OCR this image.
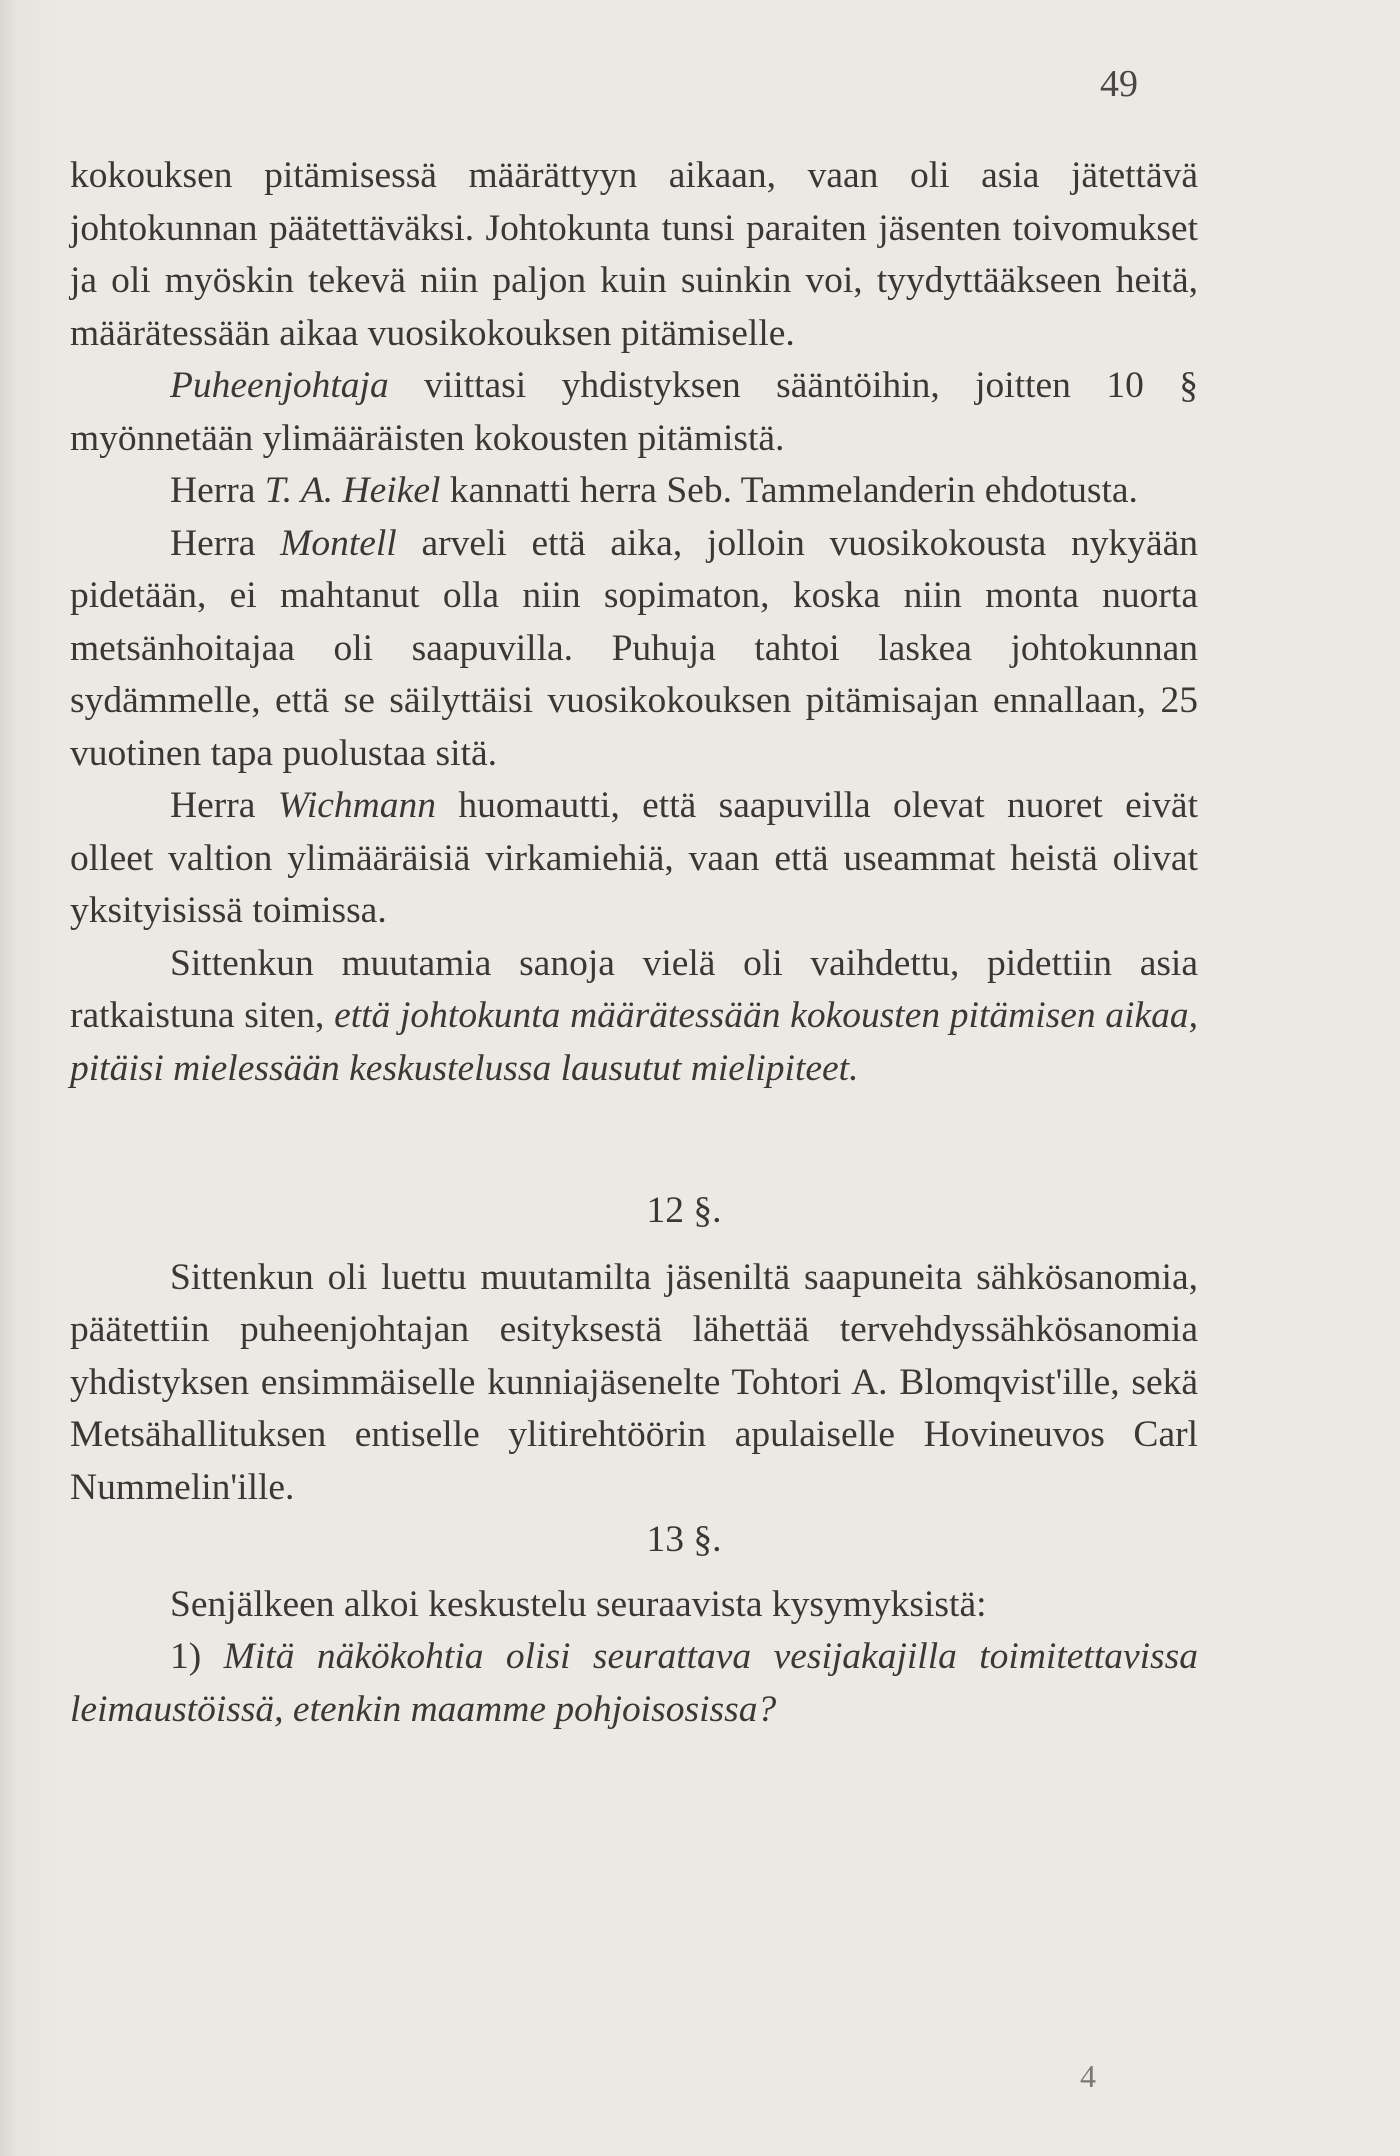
49

kokouksen pitämisessä määrättyyn aikaan, vaan oli asia jätettävä johtokunnan päätettäväksi. Johtokunta tunsi paraiten jäsenten toivomukset ja oli myöskin tekevä niin paljon kuin suinkin voi, tyydyttääkseen heitä, määrätessään aikaa vuosikokouksen pitämiselle.

Puheenjohtaja viittasi yhdistyksen sääntöihin, joitten 10 § myönnetään ylimääräisten kokousten pitämistä.

Herra T. A. Heikel kannatti herra Seb. Tammelanderin ehdotusta.

Herra Montell arveli että aika, jolloin vuosikokousta nykyään pidetään, ei mahtanut olla niin sopimaton, koska niin monta nuorta metsänhoitajaa oli saapuvilla. Puhuja tahtoi laskea johtokunnan sydämmelle, että se säilyttäisi vuosikokouksen pitämisajan ennallaan, 25 vuotinen tapa puolustaa sitä.

Herra Wichmann huomautti, että saapuvilla olevat nuoret eivät olleet valtion ylimääräisiä virkamiehiä, vaan että useammat heistä olivat yksityisissä toimissa.

Sittenkun muutamia sanoja vielä oli vaihdettu, pidettiin asia ratkaistuna siten, että johtokunta määrätessään kokousten pitämisen aikaa, pitäisi mielessään keskustelussa lausutut mielipiteet.

12 §.

Sittenkun oli luettu muutamilta jäseniltä saapuneita sähkösanomia, päätettiin puheenjohtajan esityksestä lähettää tervehdyssähkösanomia yhdistyksen ensimmäiselle kunniajäsenelte Tohtori A. Blomqvist'ille, sekä Metsähallituksen entiselle ylitirehtöörin apulaiselle Hovineuvos Carl Nummelin'ille.

13 §.

Senjälkeen alkoi keskustelu seuraavista kysymyksistä:

1) Mitä näkökohtia olisi seurattava vesijakajilla toimitettavissa leimaustöissä, etenkin maamme pohjoisosissa?

4
